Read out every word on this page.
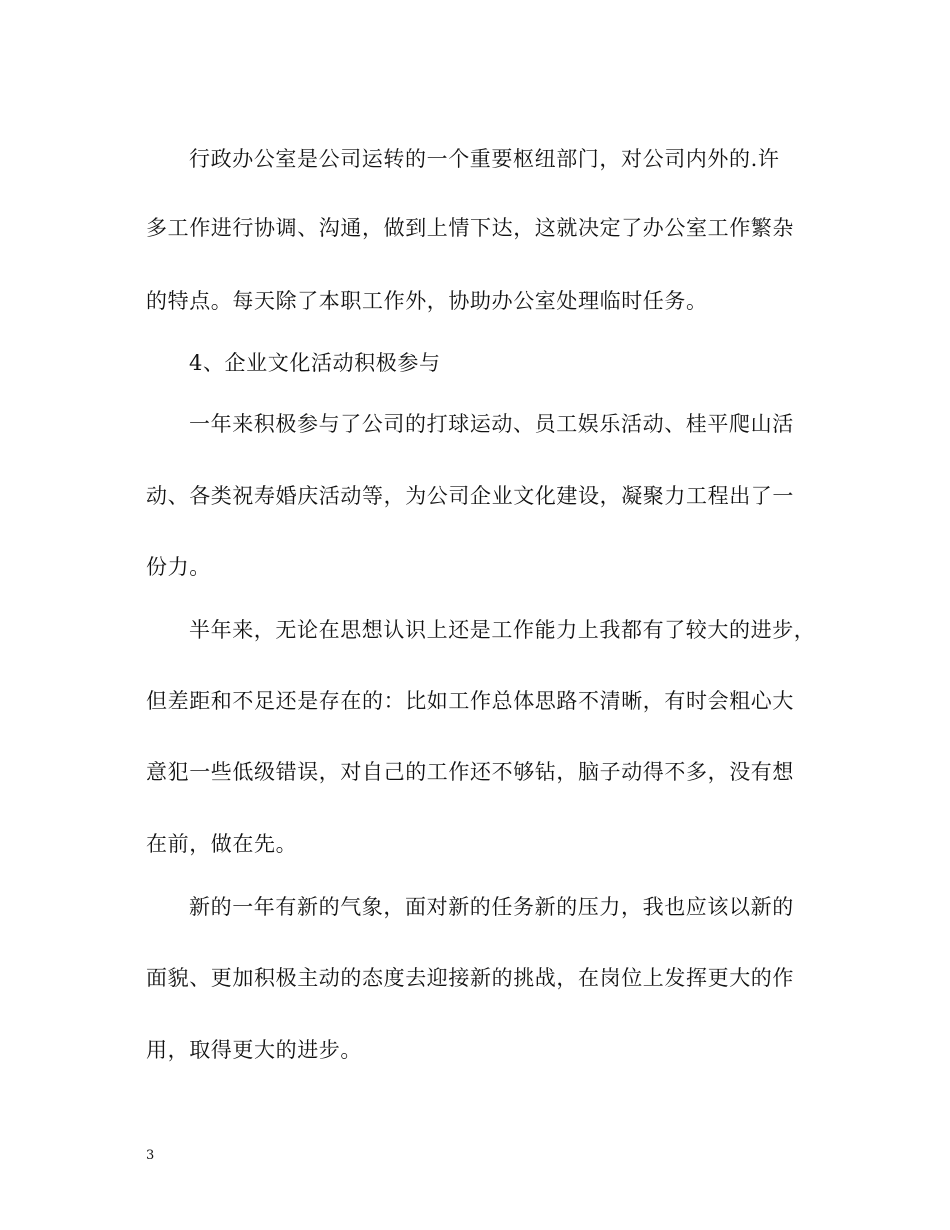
行政办公室是公司运转的一个重要枢纽部门，对公司内外的.许
多工作进行协调、沟通，做到上情下达，这就决定了办公室工作繁杂
的特点。每天除了本职工作外，协助办公室处理临时任务。
4、企业文化活动积极参与
一年来积极参与了公司的打球运动、员工娱乐活动、桂平爬山活
动、各类祝寿婚庆活动等，为公司企业文化建设，凝聚力工程出了一
份力。
半年来，无论在思想认识上还是工作能力上我都有了较大的进步，
但差距和不足还是存在的：比如工作总体思路不清晰，有时会粗心大
意犯一些低级错误，对自己的工作还不够钻，脑子动得不多，没有想
在前，做在先。
新的一年有新的气象，面对新的任务新的压力，我也应该以新的
面貌、更加积极主动的态度去迎接新的挑战，在岗位上发挥更大的作
用，取得更大的进步。
3
